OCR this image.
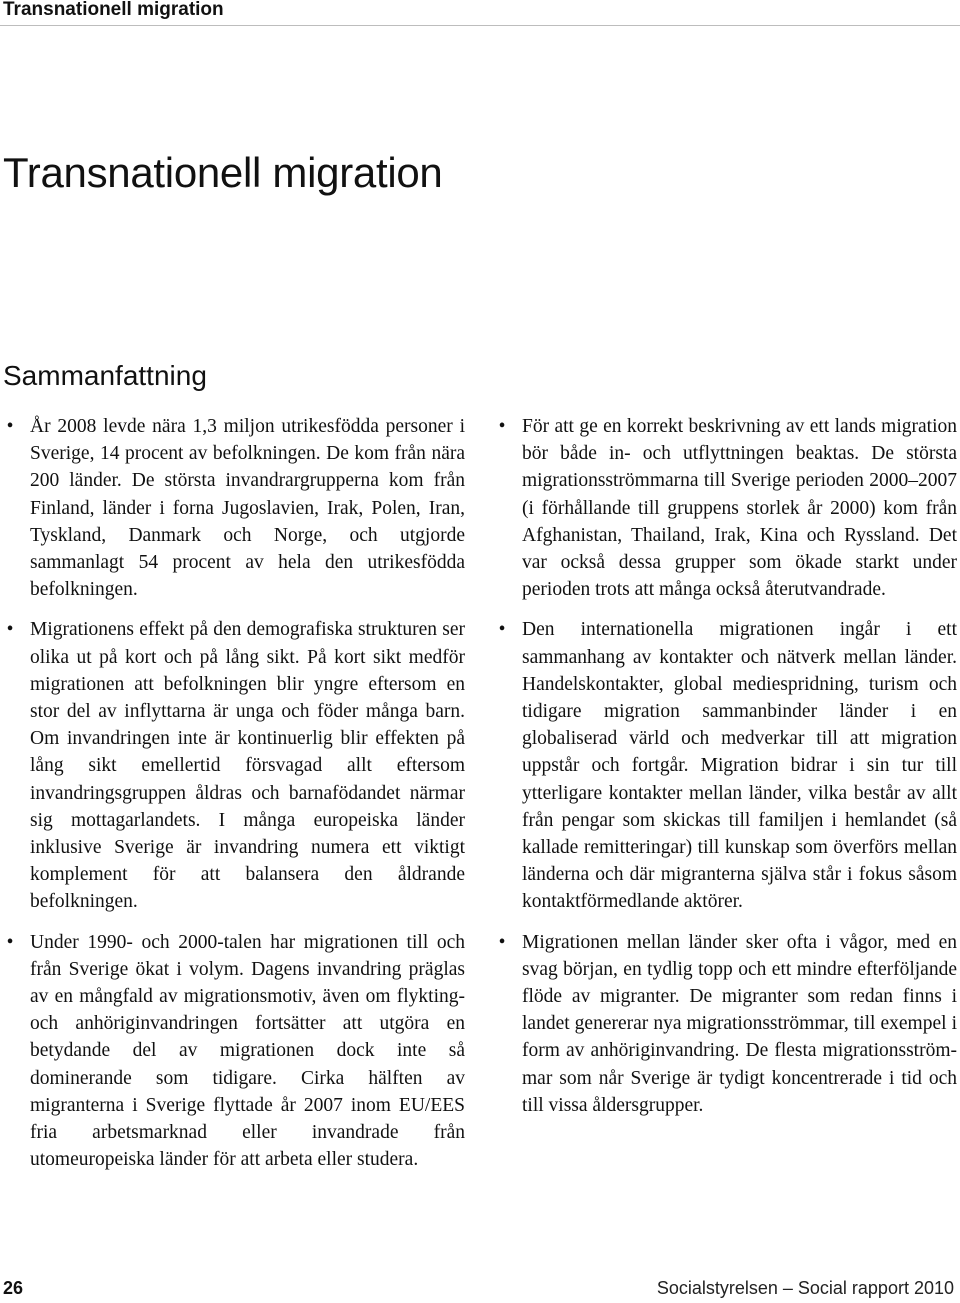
Transnationell migration
Transnationell migration
Sammanfattning
• År 2008 levde nära 1,3 miljon utrikesfödda personer i Sverige, 14 procent av befolkningen. De kom från nära 200 länder. De största invandrargrupperna kom från Finland, länder i forna Jugoslavien, Irak, Polen, Iran, Tyskland, Danmark och Norge, och utgjorde sammanlagt 54 procent av hela den utrikesfödda befolkningen.
• Migrationens effekt på den demografiska strukturen ser olika ut på kort och på lång sikt. På kort sikt medför migrationen att befolkningen blir yngre eftersom en stor del av inflyttarna är unga och föder många barn. Om invandringen inte är kontinuerlig blir effekten på lång sikt emellertid försvagad allt eftersom invandringsgruppen åldras och barnafödandet närmar sig mottagarlandets. I många europeiska länder inklusive Sverige är invandring numera ett viktigt komplement för att balansera den åldrande befolkningen.
• Under 1990- och 2000-talen har migrationen till och från Sverige ökat i volym. Dagens invandring präglas av en mångfald av migrationsmotiv, även om flykting- och anhöriginvandringen fortsätter att utgöra en betydande del av migrationen dock inte så dominerande som tidigare. Cirka hälften av migranterna i Sverige flyttade år 2007 inom EU/EES fria arbetsmarknad eller invandrade från utomeuropeiska länder för att arbeta eller studera.
• För att ge en korrekt beskrivning av ett lands migration bör både in- och utflyttningen beaktas. De största migrationsströmmarna till Sverige perioden 2000–2007 (i förhållande till gruppens storlek år 2000) kom från Afghanistan, Thailand, Irak, Kina och Ryssland. Det var också dessa grupper som ökade starkt under perioden trots att många också återutvandrade.
• Den internationella migrationen ingår i ett sammanhang av kontakter och nätverk mellan länder. Handelskontakter, global mediespridning, turism och tidigare migration sammanbinder länder i en globaliserad värld och medverkar till att migration uppstår och fortgår. Migration bidrar i sin tur till ytterligare kontakter mellan länder, vilka består av allt från pengar som skickas till familjen i hemlandet (så kallade remitteringar) till kunskap som överförs mellan länderna och där migranterna själva står i fokus såsom kontaktförmedlande aktörer.
• Migrationen mellan länder sker ofta i vågor, med en svag början, en tydlig topp och ett mindre efterföljande flöde av migranter. De migranter som redan finns i landet genererar nya migrationsströmmar, till exempel i form av anhöriginvandring. De flesta migrationsströmmar som når Sverige är tydigt koncentrerade i tid och till vissa åldersgrupper.
26	Socialstyrelsen – Social rapport 2010
